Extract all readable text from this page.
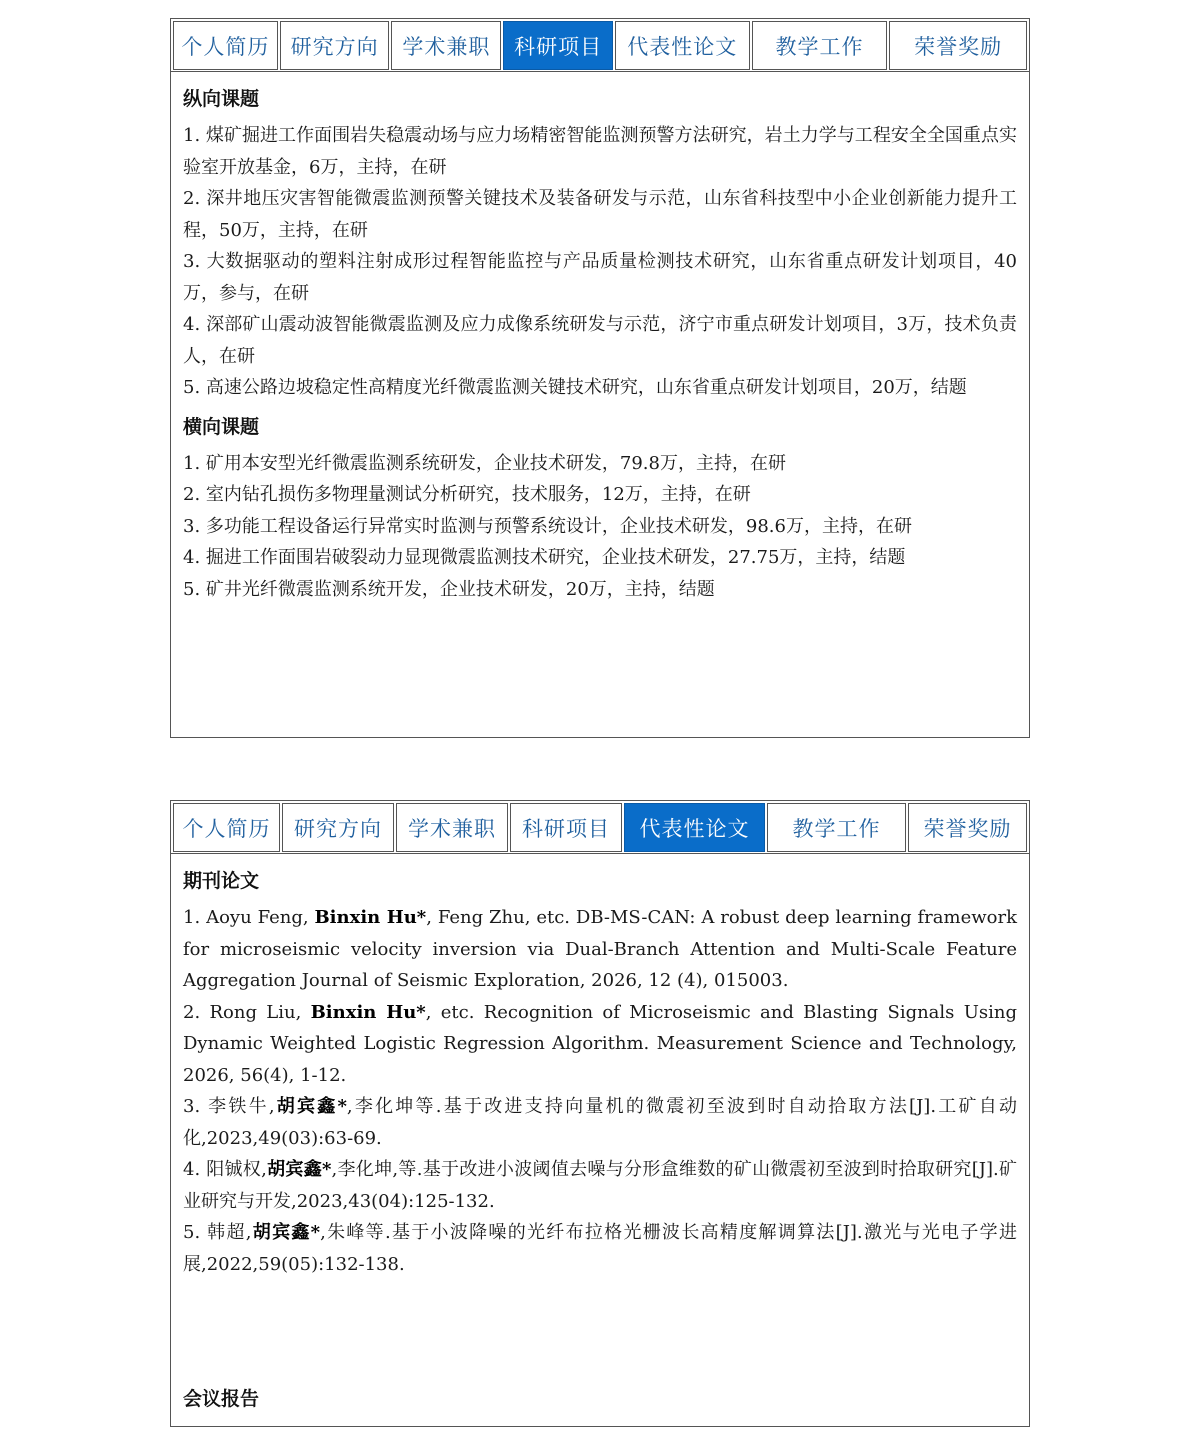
个人简历	研究方向	学术兼职	科研项目	代表性论文	教学工作	荣誉奖励
纵向课题
1. 煤矿掘进工作面围岩失稳震动场与应力场精密智能监测预警方法研究，岩土力学与工程安全全国重点实验室开放基金，6万，主持，在研
2. 深井地压灾害智能微震监测预警关键技术及装备研发与示范，山东省科技型中小企业创新能力提升工程，50万，主持，在研
3. 大数据驱动的塑料注射成形过程智能监控与产品质量检测技术研究，山东省重点研发计划项目，40万，参与，在研
4. 深部矿山震动波智能微震监测及应力成像系统研发与示范，济宁市重点研发计划项目，3万，技术负责人，在研
5. 高速公路边坡稳定性高精度光纤微震监测关键技术研究，山东省重点研发计划项目，20万，结题
横向课题
1. 矿用本安型光纤微震监测系统研发，企业技术研发，79.8万，主持，在研
2. 室内钻孔损伤多物理量测试分析研究，技术服务，12万，主持，在研
3. 多功能工程设备运行异常实时监测与预警系统设计，企业技术研发，98.6万，主持，在研
4. 掘进工作面围岩破裂动力显现微震监测技术研究，企业技术研发，27.75万，主持，结题
5. 矿井光纤微震监测系统开发，企业技术研发，20万，主持，结题
个人简历	研究方向	学术兼职	科研项目	代表性论文	教学工作	荣誉奖励
期刊论文
1. Aoyu Feng, Binxin Hu*, Feng Zhu, etc. DB-MS-CAN: A robust deep learning framework for microseismic velocity inversion via Dual-Branch Attention and Multi-Scale Feature Aggregation Journal of Seismic Exploration, 2026, 12 (4), 015003.
2. Rong Liu, Binxin Hu*, etc. Recognition of Microseismic and Blasting Signals Using Dynamic Weighted Logistic Regression Algorithm. Measurement Science and Technology, 2026, 56(4), 1-12.
3. 李铁牛,胡宾鑫*,李化坤等.基于改进支持向量机的微震初至波到时自动拾取方法[J].工矿自动化,2023,49(03):63-69.
4. 阳铖权,胡宾鑫*,李化坤,等.基于改进小波阈值去噪与分形盒维数的矿山微震初至波到时拾取研究[J].矿业研究与开发,2023,43(04):125-132.
5. 韩超,胡宾鑫*,朱峰等.基于小波降噪的光纤布拉格光栅波长高精度解调算法[J].激光与光电子学进展,2022,59(05):132-138.
会议报告
